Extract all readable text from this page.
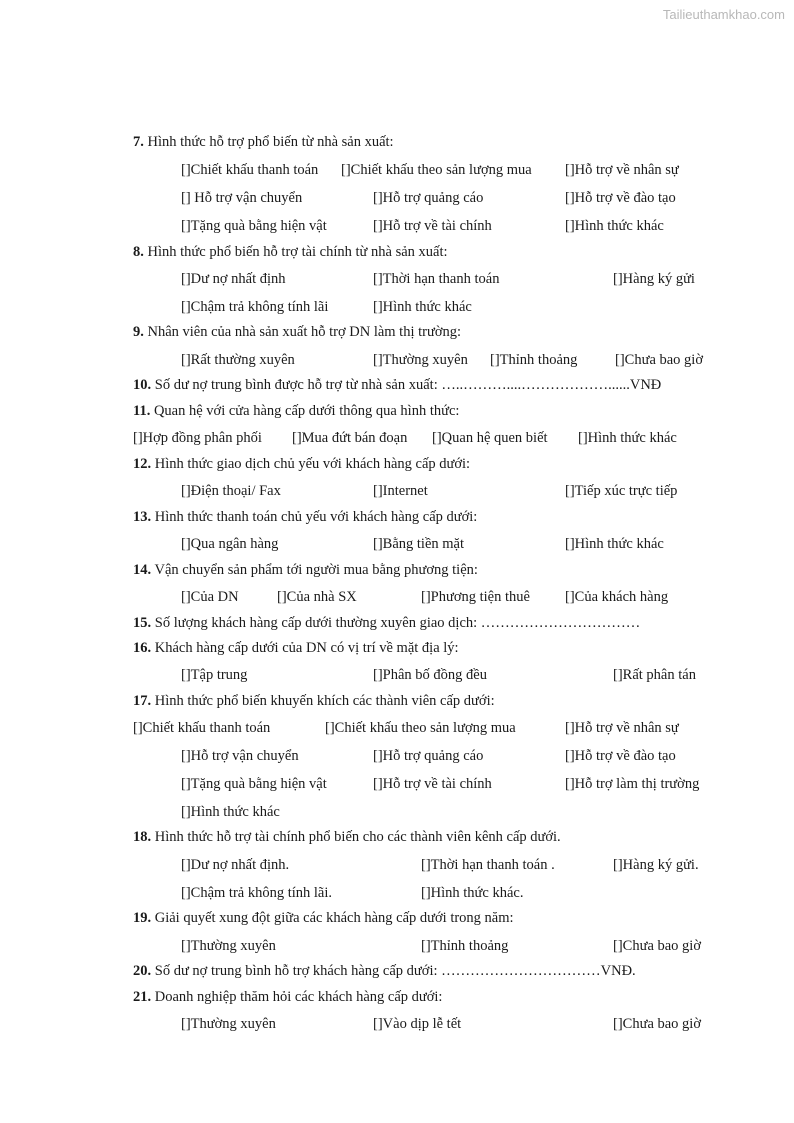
Tailieuthamkhao.com
7. Hình thức hỗ trợ phổ biến từ nhà sản xuất:
[]Chiết khấu thanh toán []Chiết khấu theo sản lượng mua []Hỗ trợ về nhân sự
[] Hỗ trợ vận chuyển	[]Hỗ trợ quảng cáo	[]Hỗ trợ về đào tạo
[]Tặng quà bằng hiện vật	[]Hỗ trợ về tài chính	[]Hình thức khác
8. Hình thức phổ biến hỗ trợ tài chính từ nhà sản xuất:
[]Dư nợ nhất định	[]Thời hạn thanh toán	[]Hàng ký gửi
[]Chậm trả không tính lãi	[]Hình thức khác
9. Nhân viên của nhà sản xuất hỗ trợ DN làm thị trường:
[]Rất thường xuyên	[]Thường xuyên []Thỉnh thoảng	[]Chưa bao giờ
10. Số dư nợ trung bình được hỗ trợ từ nhà sản xuất: …..………....………………......VNĐ
11. Quan hệ với cửa hàng cấp dưới thông qua hình thức:
[]Hợp đồng phân phối []Mua đứt bán đoạn []Quan hệ quen biết []Hình thức khác
12. Hình thức giao dịch chủ yếu với khách hàng cấp dưới:
[]Điện thoại/ Fax	[]Internet	[]Tiếp xúc trực tiếp
13. Hình thức thanh toán chủ yếu với khách hàng cấp dưới:
[]Qua ngân hàng	[]Bằng tiền mặt	[]Hình thức khác
14. Vận chuyển sản phẩm tới người mua bằng phương tiện:
[]Của DN	[]Của nhà SX	[]Phương tiện thuê []Của khách hàng
15. Số lượng khách hàng cấp dưới thường xuyên giao dịch: ……………………………
16. Khách hàng cấp dưới của DN có vị trí về mặt địa lý:
[]Tập trung	[]Phân bố đồng đều	[]Rất phân tán
17. Hình thức phổ biến khuyến khích các thành viên cấp dưới:
[]Chiết khấu thanh toán	[]Chiết khấu theo sản lượng mua	[]Hỗ trợ về nhân sự
[]Hỗ trợ vận chuyển	[]Hỗ trợ quảng cáo	[]Hỗ trợ về đào tạo
[]Tặng quà bằng hiện vật	[]Hỗ trợ về tài chính	[]Hỗ trợ làm thị trường
[]Hình thức khác
18. Hình thức hỗ trợ tài chính phổ biến cho các thành viên kênh cấp dưới.
[]Dư nợ nhất định.	[]Thời hạn thanh toán .	[]Hàng ký gửi.
[]Chậm trả không tính lãi.	[]Hình thức khác.
19. Giải quyết xung đột giữa các khách hàng cấp dưới trong năm:
[]Thường xuyên	[]Thỉnh thoảng	[]Chưa bao giờ
20. Số dư nợ trung bình hỗ trợ khách hàng cấp dưới: ……………………………VNĐ.
21. Doanh nghiệp thăm hỏi các khách hàng cấp dưới:
[]Thường xuyên	[]Vào dịp lễ tết	[]Chưa bao giờ
